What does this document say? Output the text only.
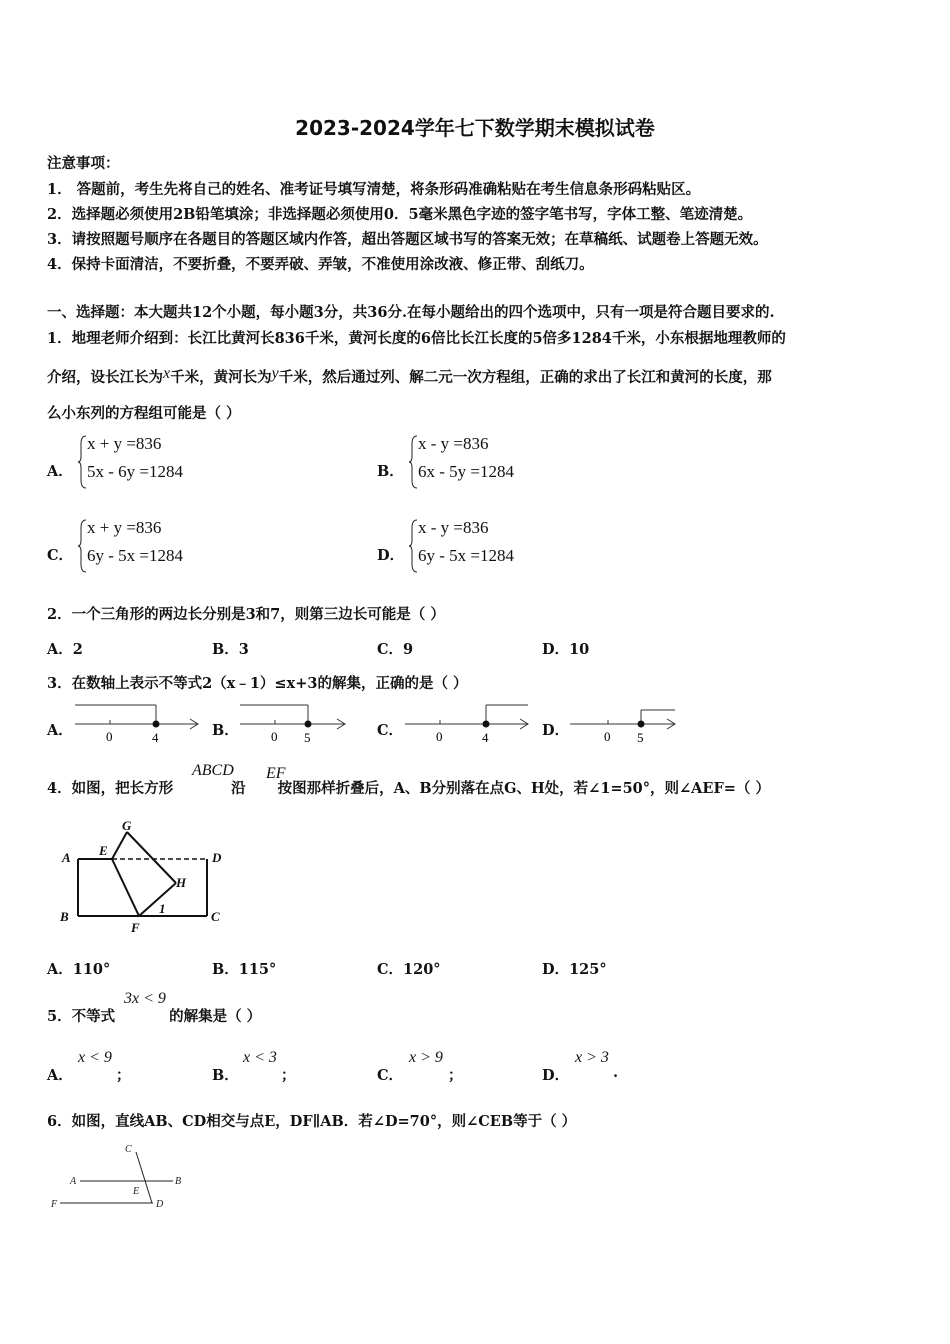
2023-2024学年七下数学期末模拟试卷
注意事项：
1． 答题前，考生先将自己的姓名、准考证号填写清楚，将条形码准确粘贴在考生信息条形码粘贴区。
2．选择题必须使用2B铅笔填涂；非选择题必须使用0．5毫米黑色字迹的签字笔书写，字体工整、笔迹清楚。
3．请按照题号顺序在各题目的答题区域内作答，超出答题区域书写的答案无效；在草稿纸、试题卷上答题无效。
4．保持卡面清洁，不要折叠，不要弄破、弄皱，不准使用涂改液、修正带、刮纸刀。
一、选择题：本大题共12个小题，每小题3分，共36分.在每小题给出的四个选项中，只有一项是符合题目要求的.
1．地理老师介绍到：长江比黄河长836千米，黄河长度的6倍比长江长度的5倍多1284千米，小东根据地理教师的
介绍，设长江长为x千米，黄河长为y千米，然后通过列、解二元一次方程组，正确的求出了长江和黄河的长度，那
么小东列的方程组可能是（ ）
A．
x + y =836
5x - 6y =1284	B．
x - y =836
6x - 5y =1284
C．
x + y =836
6y - 5x =1284	D．
x - y =836
6y - 5x =1284
2．一个三角形的两边长分别是3和7，则第三边长可能是（ ）
A．2	B．3	C．9	D．10
3．在数轴上表示不等式2（x﹣1）≤x+3的解集，正确的是（ ）
A．	0	4	B． 0 5	C．	0	4	D．	0 5
4．如图，把长方形	沿 按图那样折叠后，A、B分别落在点G、H处，若∠1=50°，则∠AEF=（ ）
ABCD EF
A E
G
D
H
1
B
F
C
A．110°	B．115°	C．120°	D．125°
5．不等式	的解集是（ ）
3x < 9
A．
x < 9
；	B．
x < 3
；	C．
x > 9
；	D．
x > 3
.
6．如图，直线AB、CD相交与点E，DF∥AB．若∠D=70°，则∠CEB等于（ ）
C
A	B
E
F	D
